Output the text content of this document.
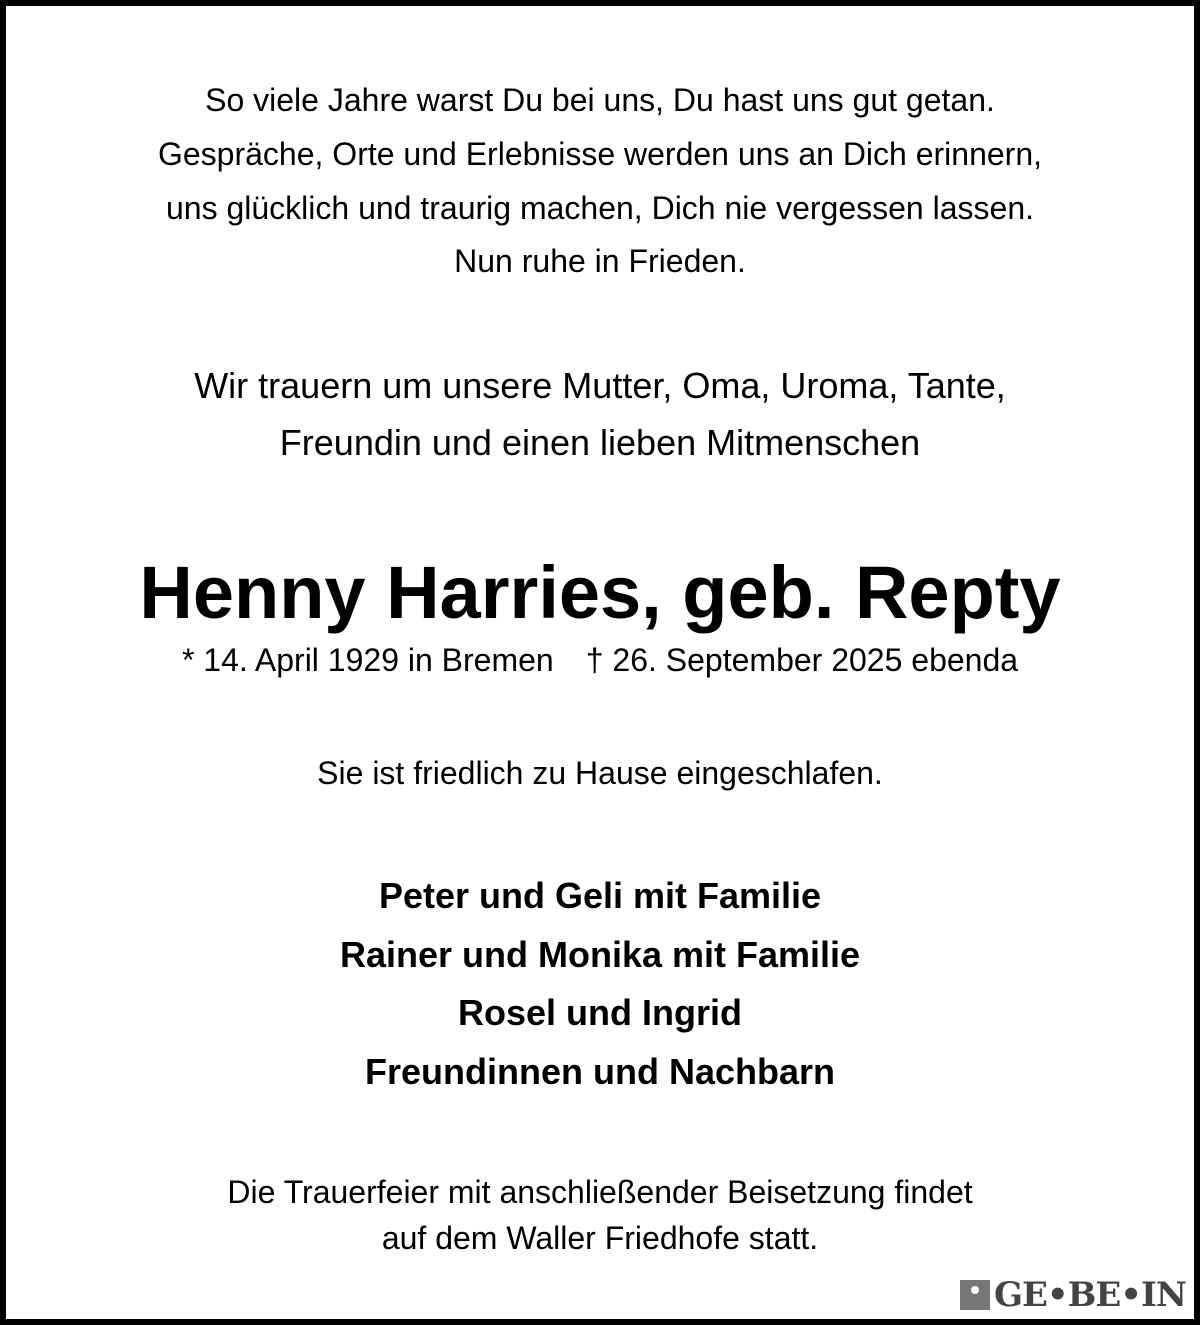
So viele Jahre warst Du bei uns, Du hast uns gut getan.
Gespräche, Orte und Erlebnisse werden uns an Dich erinnern,
uns glücklich und traurig machen, Dich nie vergessen lassen.
Nun ruhe in Frieden.
Wir trauern um unsere Mutter, Oma, Uroma, Tante,
Freundin und einen lieben Mitmenschen
Henny Harries, geb. Repty
* 14. April 1929 in Bremen † 26. September 2025 ebenda
Sie ist friedlich zu Hause eingeschlafen.
Peter und Geli mit Familie
Rainer und Monika mit Familie
Rosel und Ingrid
Freundinnen und Nachbarn
Die Trauerfeier mit anschließender Beisetzung findet
auf dem Waller Friedhofe statt.
GE•BE•IN
